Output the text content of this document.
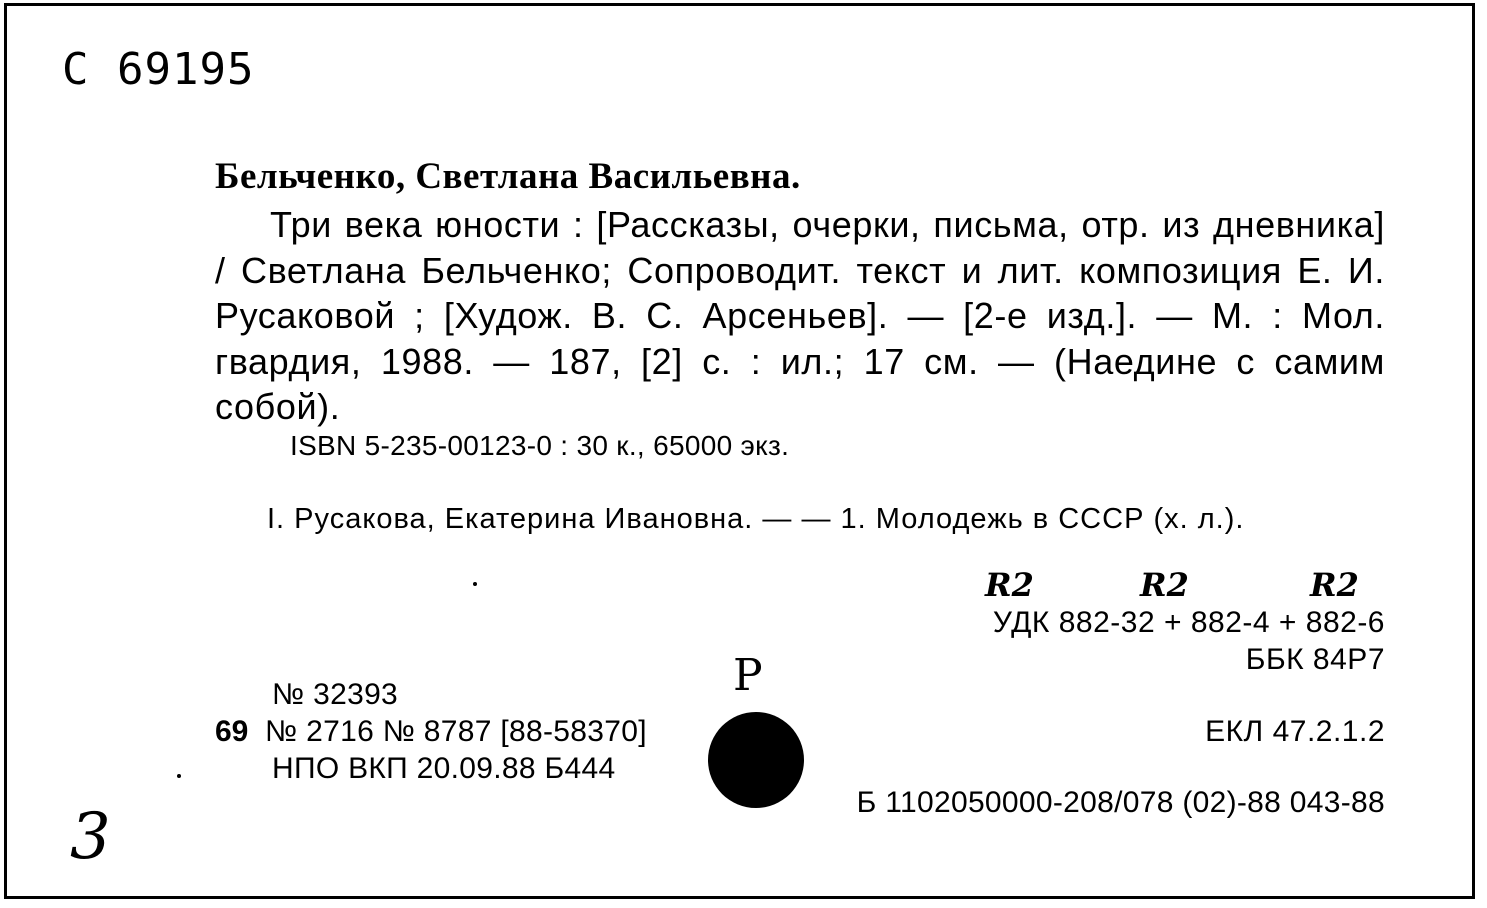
С 69195
Бельченко, Светлана Васильевна.
Три века юности : [Рассказы, очерки, письма, отр. из дневника] / Светлана Бельченко; Сопроводит. текст и лит. композиция Е. И. Русаковой ; [Худож. В. С. Арсеньев]. — [2-е изд.]. — М. : Мол. гвардия, 1988. — 187, [2] с. : ил.; 17 см. — (Наедине с самим собой).
ISBN 5-235-00123-0 : 30 к., 65000 экз.
I. Русакова, Екатерина Ивановна. — — 1. Молодежь в СССР (х. л.).
R2	R2	R2
УДК 882-32 + 882-4 + 882-6
ББК 84Р7
Р
№ 32393
69 № 2716 № 8787 [88-58370]
НПО ВКП 20.09.88 Б444
ЕКЛ 47.2.1.2
Б 1102050000-208/078 (02)-88 043-88
3
